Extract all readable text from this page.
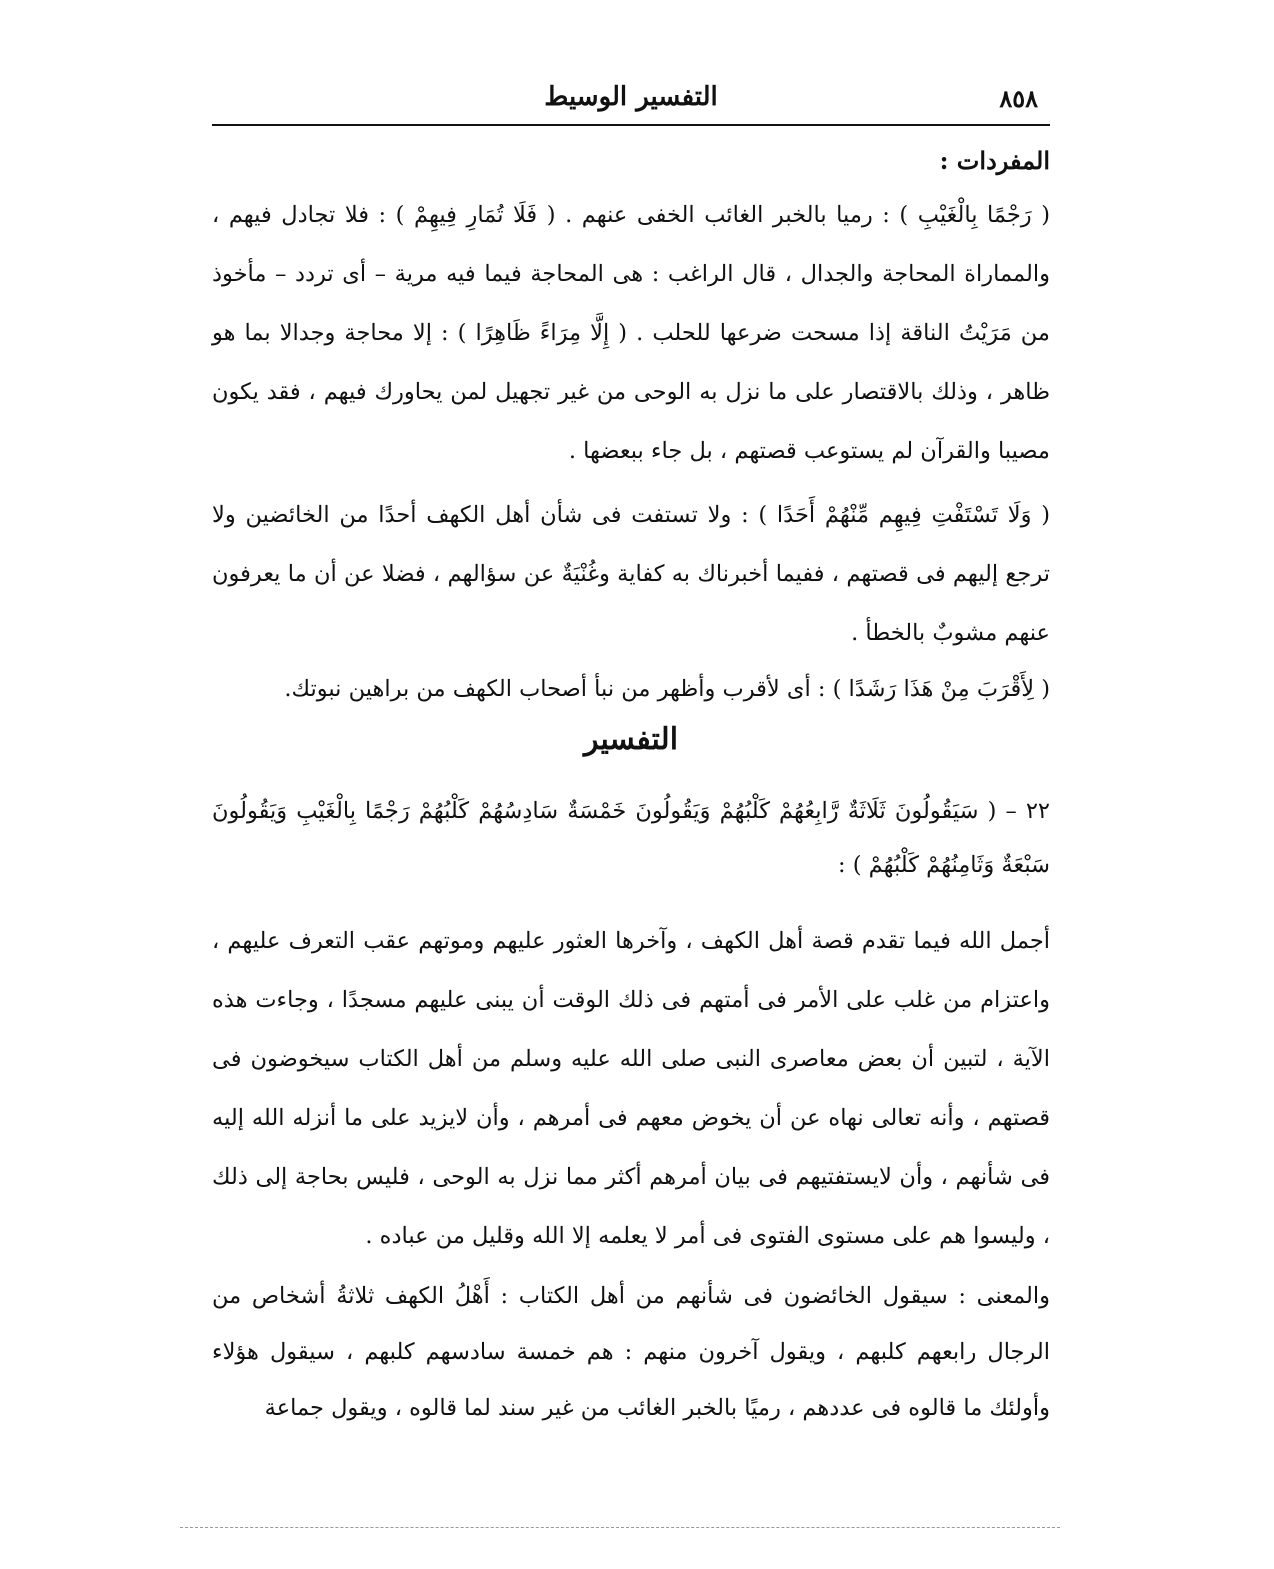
٨٥٨
التفسير الوسيط
المفردات :

( رَجْمًا بِالْغَيْبِ ) : رميا بالخبر الغائب الخفى عنهم . ( فَلَا تُمَارِ فِيهِمْ ) : فلا تجادل فيهم ، والمماراة المحاجة والجدال ، قال الراغب : هى المحاجة فيما فيه مرية – أى تردد – مأخوذ من مَرَيْتُ الناقة إذا مسحت ضرعها للحلب . ( إِلَّا مِرَاءً ظَاهِرًا ) : إلا محاجة وجدالا بما هو ظاهر ، وذلك بالاقتصار على ما نزل به الوحى من غير تجهيل لمن يحاورك فيهم ، فقد يكون مصيبا والقرآن لم يستوعب قصتهم ، بل جاء ببعضها .

( وَلَا تَسْتَفْتِ فِيهِم مِّنْهُمْ أَحَدًا ) : ولا تستفت فى شأن أهل الكهف أحدًا من الخائضين ولا ترجع إليهم فى قصتهم ، ففيما أخبرناك به كفاية وغُنْيَةٌ عن سؤالهم ، فضلا عن أن ما يعرفون عنهم مشوبٌ بالخطأ .

( لِأَقْرَبَ مِنْ هَذَا رَشَدًا ) : أى لأقرب وأظهر من نبأ أصحاب الكهف من براهين نبوتك.

التفسير

٢٢ – ( سَيَقُولُونَ ثَلَاثَةٌ رَّابِعُهُمْ كَلْبُهُمْ وَيَقُولُونَ خَمْسَةٌ سَادِسُهُمْ كَلْبُهُمْ رَجْمًا بِالْغَيْبِ وَيَقُولُونَ سَبْعَةٌ وَثَامِنُهُمْ كَلْبُهُمْ ) :

أجمل الله فيما تقدم قصة أهل الكهف ، وآخرها العثور عليهم وموتهم عقب التعرف عليهم ، واعتزام من غلب على الأمر فى أمتهم فى ذلك الوقت أن يبنى عليهم مسجدًا ، وجاءت هذه الآية ، لتبين أن بعض معاصرى النبى صلى الله عليه وسلم من أهل الكتاب سيخوضون فى قصتهم ، وأنه تعالى نهاه عن أن يخوض معهم فى أمرهم ، وأن لايزيد على ما أنزله الله إليه فى شأنهم ، وأن لايستفتيهم فى بيان أمرهم أكثر مما نزل به الوحى ، فليس بحاجة إلى ذلك ، وليسوا هم على مستوى الفتوى فى أمر لا يعلمه إلا الله وقليل من عباده .

والمعنى : سيقول الخائضون فى شأنهم من أهل الكتاب : أَهْلُ الكهف ثلاثةُ أشخاص من الرجال رابعهم كلبهم ، ويقول آخرون منهم : هم خمسة سادسهم كلبهم ، سيقول هؤلاء وأولئك ما قالوه فى عددهم ، رميًا بالخبر الغائب من غير سند لما قالوه ، ويقول جماعة
